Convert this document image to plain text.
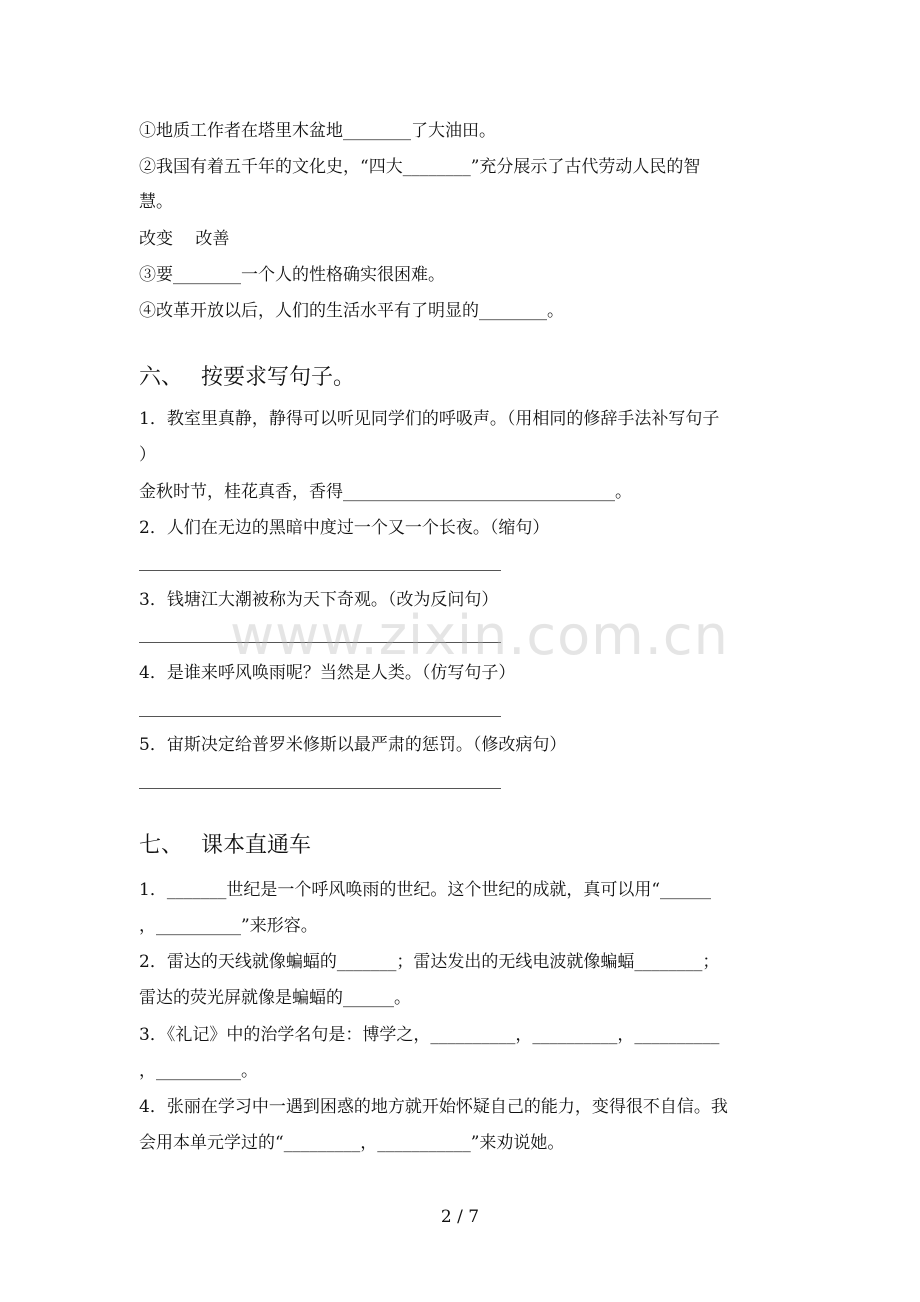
①地质工作者在塔里木盆地________了大油田。
②我国有着五千年的文化史，“四大________”充分展示了古代劳动人民的智
慧。
改变　 改善
③要________一个人的性格确实很困难。
④改革开放以后，人们的生活水平有了明显的________。
六、 按要求写句子。
1．教室里真静，静得可以听见同学们的呼吸声。（用相同的修辞手法补写句子
）
金秋时节，桂花真香，香得________________________________。
2．人们在无边的黑暗中度过一个又一个长夜。（缩句）
3．钱塘江大潮被称为天下奇观。（改为反问句）
4．是谁来呼风唤雨呢？当然是人类。（仿写句子）
5．宙斯决定给普罗米修斯以最严肃的惩罚。（修改病句）
七、 课本直通车
1．_______世纪是一个呼风唤雨的世纪。这个世纪的成就，真可以用“______
，__________”来形容。
2．雷达的天线就像蝙蝠的_______；雷达发出的无线电波就像蝙蝠________；
雷达的荧光屏就像是蝙蝠的______。
3．《礼记》中的治学名句是：博学之，__________，__________，__________
，__________。
4．张丽在学习中一遇到困惑的地方就开始怀疑自己的能力，变得很不自信。我
会用本单元学过的“_________，___________”来劝说她。
www.zixin.com.cn
2 / 7
